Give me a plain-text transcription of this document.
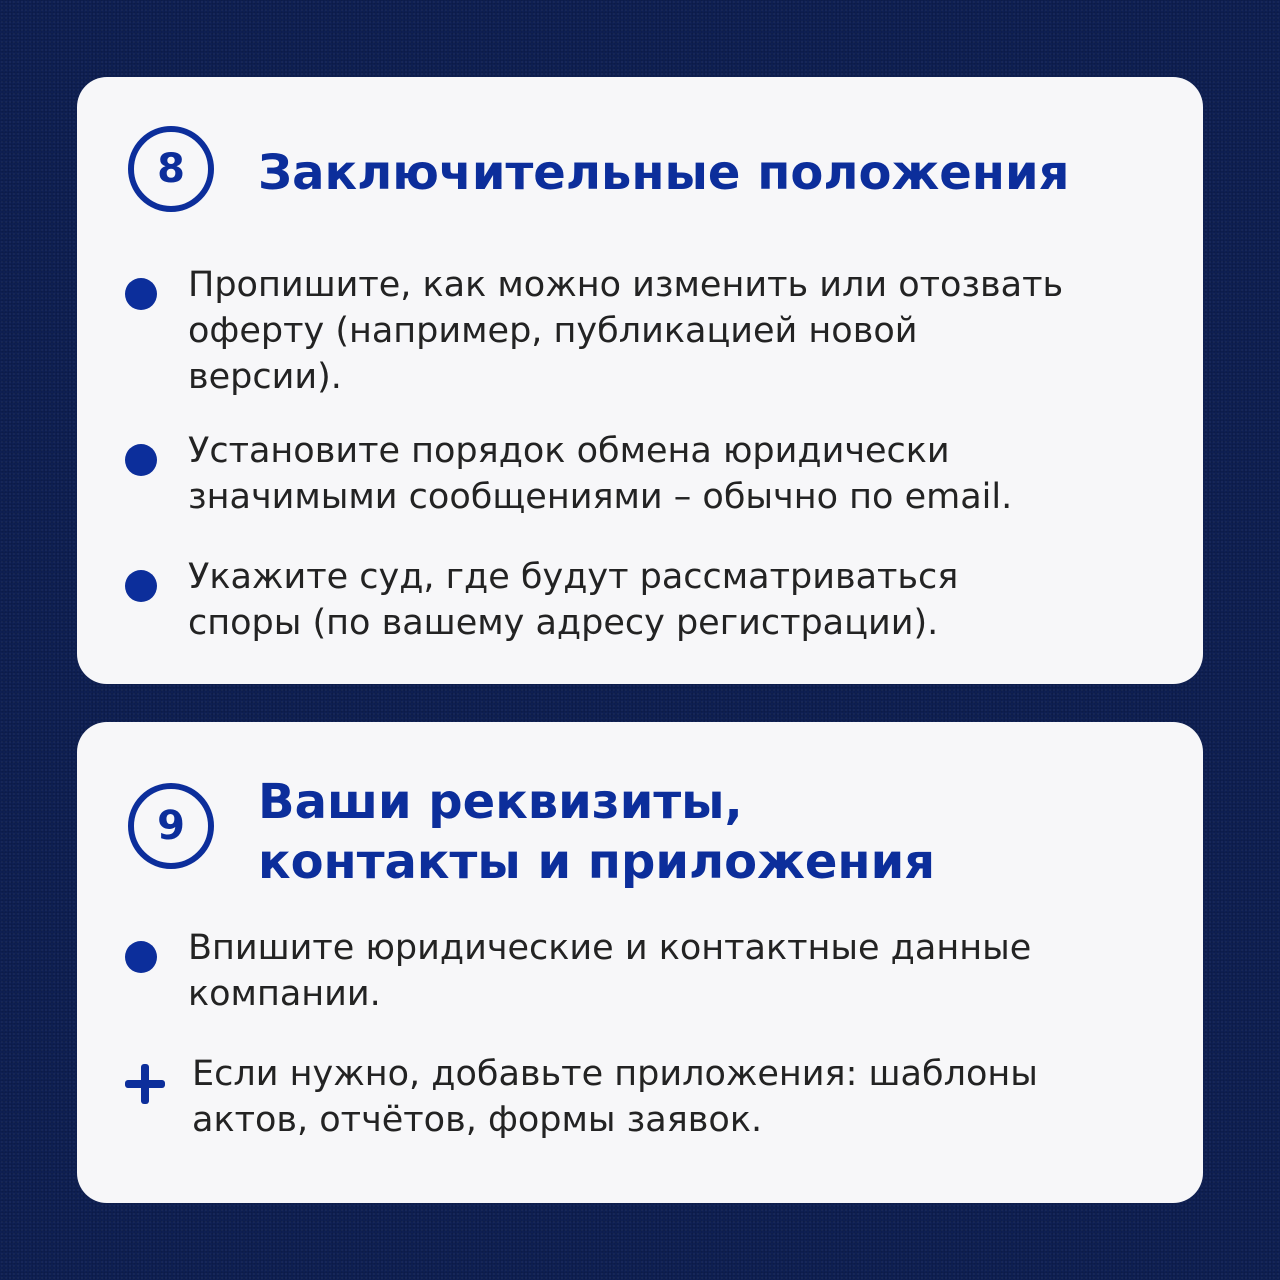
8	Заключительные положения
Пропишите, как можно изменить или отозвать
оферту (например, публикацией новой
версии).
Установите порядок обмена юридически
значимыми сообщениями – обычно по email.
Укажите суд, где будут рассматриваться
споры (по вашему адресу регистрации).
9	Ваши реквизиты,
контакты и приложения
Впишите юридические и контактные данные
компании.
Если нужно, добавьте приложения: шаблоны
актов, отчётов, формы заявок.
